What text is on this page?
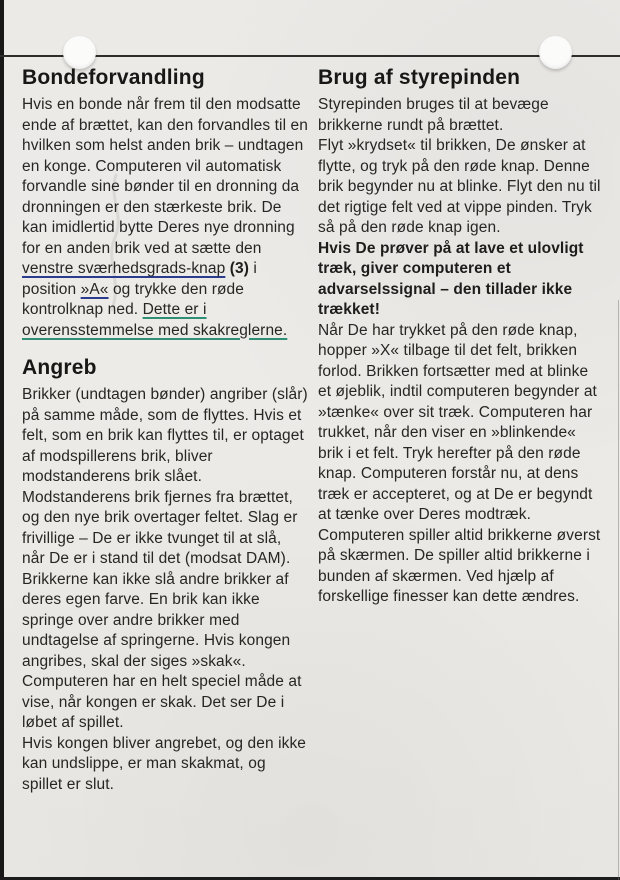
Bondeforvandling

Hvis en bonde når frem til den modsatte ende af brættet, kan den forvandles til en hvilken som helst anden brik – undtagen en konge. Computeren vil automatisk forvandle sine bønder til en dronning da dronningen er den stærkeste brik. De kan imidlertid bytte Deres nye dronning for en anden brik ved at sætte den venstre sværhedsgrads-knap (3) i position »A« og trykke den røde kontrolknap ned. Dette er i overensstemmelse med skakreglerne.

Angreb

Brikker (undtagen bønder) angriber (slår) på samme måde, som de flyttes. Hvis et felt, som en brik kan flyttes til, er optaget af modspillerens brik, bliver modstanderens brik slået. Modstanderens brik fjernes fra brættet, og den nye brik overtager feltet. Slag er frivillige – De er ikke tvunget til at slå, når De er i stand til det (modsat DAM).

Brikkerne kan ikke slå andre brikker af deres egen farve. En brik kan ikke springe over andre brikker med undtagelse af springerne. Hvis kongen angribes, skal der siges »skak«. Computeren har en helt speciel måde at vise, når kongen er skak. Det ser De i løbet af spillet.

Hvis kongen bliver angrebet, og den ikke kan undslippe, er man skakmat, og spillet er slut.

Brug af styrepinden

Styrepinden bruges til at bevæge brikkerne rundt på brættet.

Flyt »krydset« til brikken, De ønsker at flytte, og tryk på den røde knap. Denne brik begynder nu at blinke. Flyt den nu til det rigtige felt ved at vippe pinden. Tryk så på den røde knap igen.

Hvis De prøver på at lave et ulovligt træk, giver computeren et advarselssignal – den tillader ikke trækket!

Når De har trykket på den røde knap, hopper »X« tilbage til det felt, brikken forlod. Brikken fortsætter med at blinke et øjeblik, indtil computeren begynder at »tænke« over sit træk. Computeren har trukket, når den viser en »blinkende« brik i et felt. Tryk herefter på den røde knap. Computeren forstår nu, at dens træk er accepteret, og at De er begyndt at tænke over Deres modtræk.

Computeren spiller altid brikkerne øverst på skærmen. De spiller altid brikkerne i bunden af skærmen. Ved hjælp af forskellige finesser kan dette ændres.
